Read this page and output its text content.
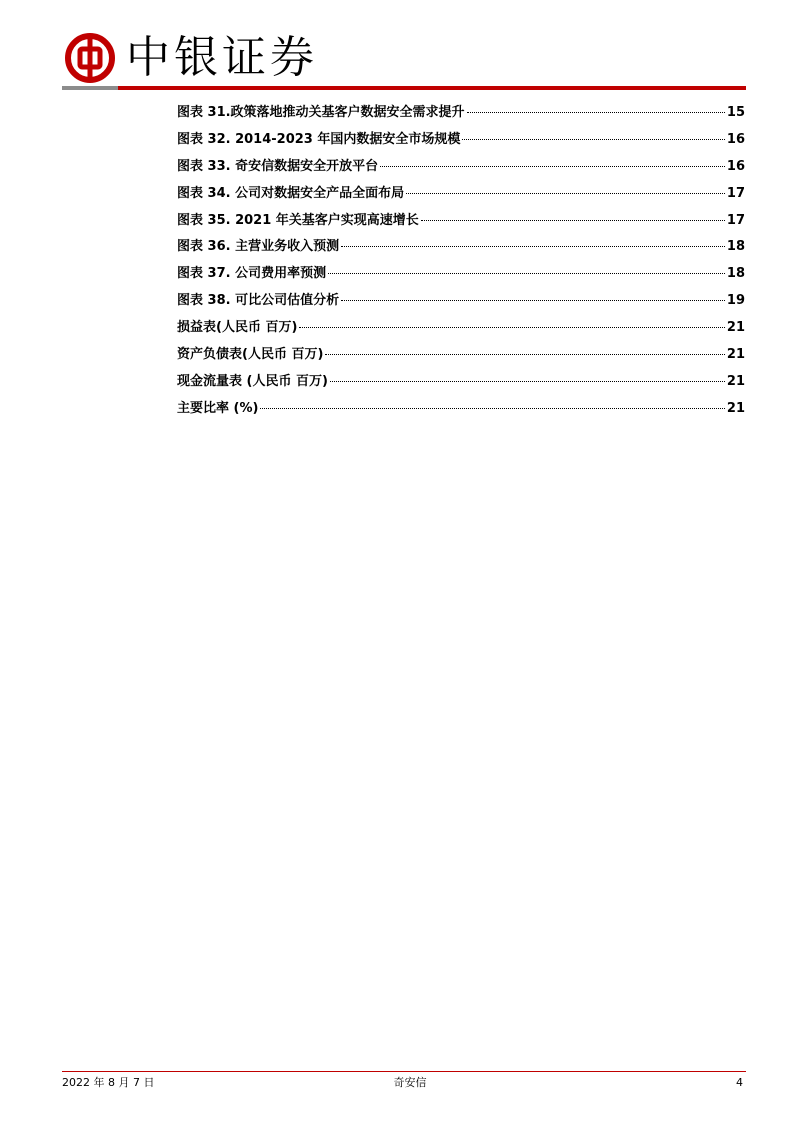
中银证券
图表 31.政策落地推动关基客户数据安全需求提升	15
图表 32. 2014-2023 年国内数据安全市场规模	16
图表 33. 奇安信数据安全开放平台	16
图表 34. 公司对数据安全产品全面布局	17
图表 35. 2021 年关基客户实现高速增长	17
图表 36. 主营业务收入预测	18
图表 37. 公司费用率预测	18
图表 38. 可比公司估值分析	19
损益表(人民币 百万)	21
资产负债表(人民币 百万)	21
现金流量表 (人民币 百万)	21
主要比率 (%)	21
2022 年 8 月 7 日	奇安信	4
